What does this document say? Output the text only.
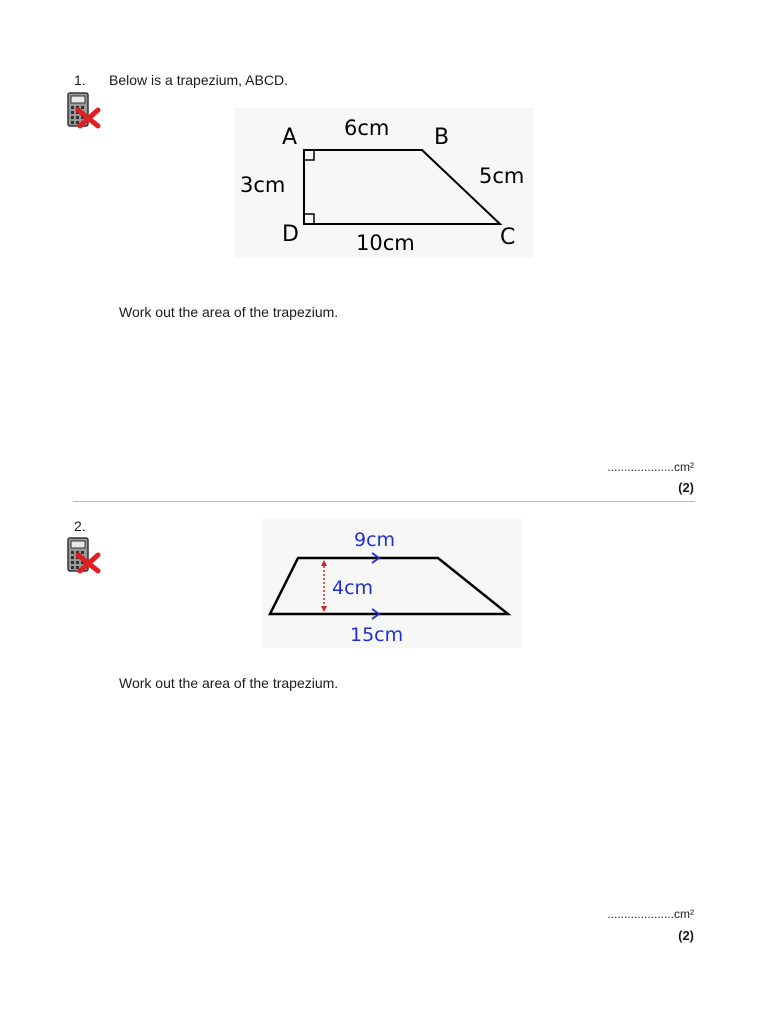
1. Below is a trapezium, ABCD.
A	B
C
D
6cm
3cm	5cm
10cm
Work out the area of the trapezium.
....................cm²
(2)
2.
9cm
4cm
15cm
Work out the area of the trapezium.
....................cm²
(2)
